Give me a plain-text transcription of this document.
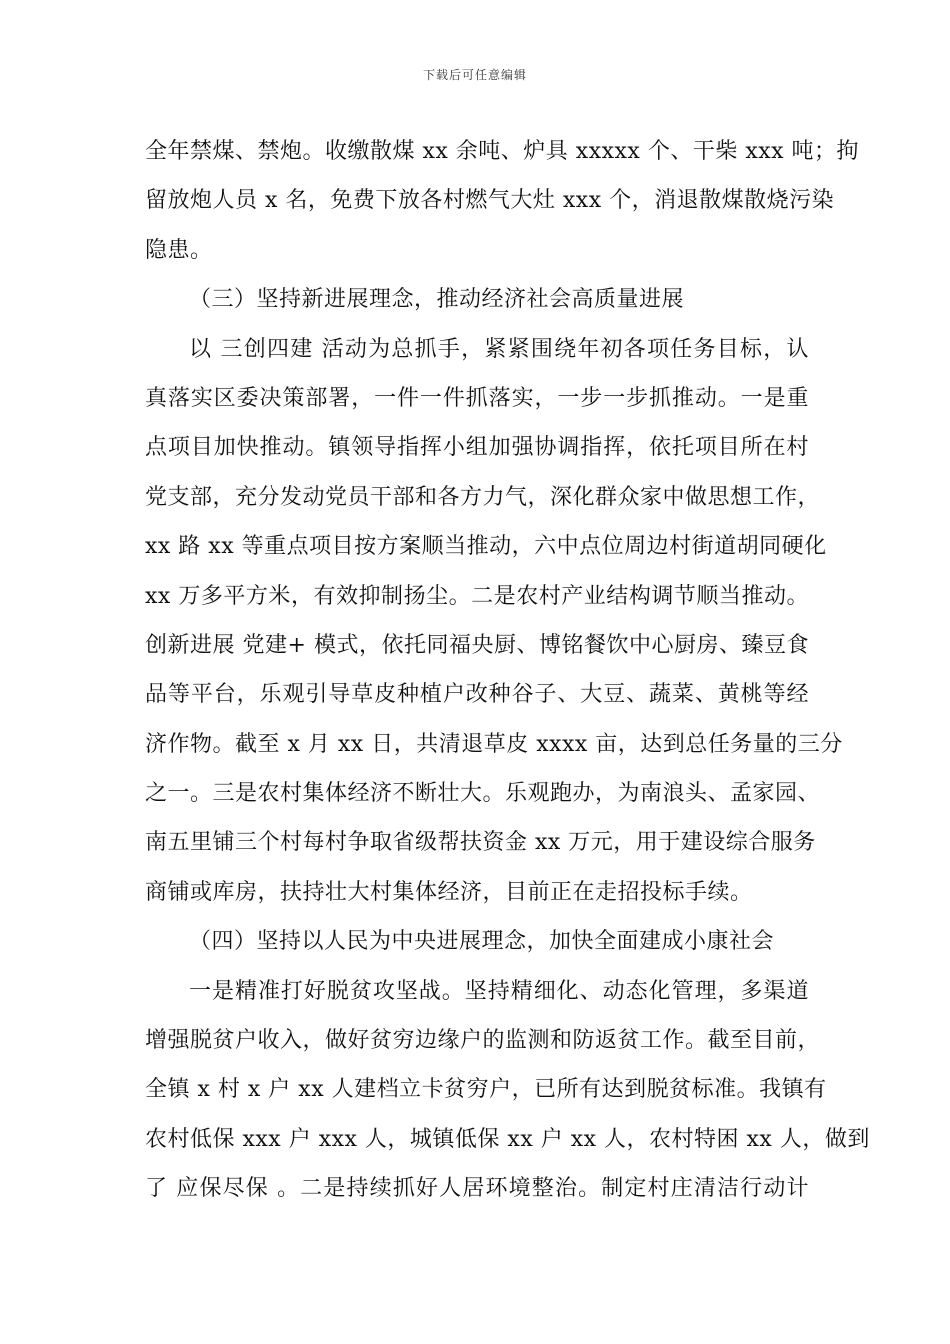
下载后可任意编辑
全年禁煤、禁炮。收缴散煤 xx 余吨、炉具 xxxxx 个、干柴 xxx 吨；拘
留放炮人员 x 名，免费下放各村燃气大灶 xxx 个，消退散煤散烧污染
隐患。
（三）坚持新进展理念，推动经济社会高质量进展
以 三创四建 活动为总抓手，紧紧围绕年初各项任务目标，认
真落实区委决策部署，一件一件抓落实，一步一步抓推动。一是重
点项目加快推动。镇领导指挥小组加强协调指挥，依托项目所在村
党支部，充分发动党员干部和各方力气，深化群众家中做思想工作，
xx 路 xx 等重点项目按方案顺当推动，六中点位周边村街道胡同硬化
xx 万多平方米，有效抑制扬尘。二是农村产业结构调节顺当推动。
创新进展 党建+ 模式，依托同福央厨、博铭餐饮中心厨房、臻豆食
品等平台，乐观引导草皮种植户改种谷子、大豆、蔬菜、黄桃等经
济作物。截至 x 月 xx 日，共清退草皮 xxxx 亩，达到总任务量的三分
之一。三是农村集体经济不断壮大。乐观跑办，为南浪头、孟家园、
南五里铺三个村每村争取省级帮扶资金 xx 万元，用于建设综合服务
商铺或库房，扶持壮大村集体经济，目前正在走招投标手续。
（四）坚持以人民为中央进展理念，加快全面建成小康社会
一是精准打好脱贫攻坚战。坚持精细化、动态化管理，多渠道
增强脱贫户收入，做好贫穷边缘户的监测和防返贫工作。截至目前，
全镇 x 村 x 户 xx 人建档立卡贫穷户，已所有达到脱贫标准。我镇有
农村低保 xxx 户 xxx 人，城镇低保 xx 户 xx 人，农村特困 xx 人，做到
了 应保尽保 。二是持续抓好人居环境整治。制定村庄清洁行动计
